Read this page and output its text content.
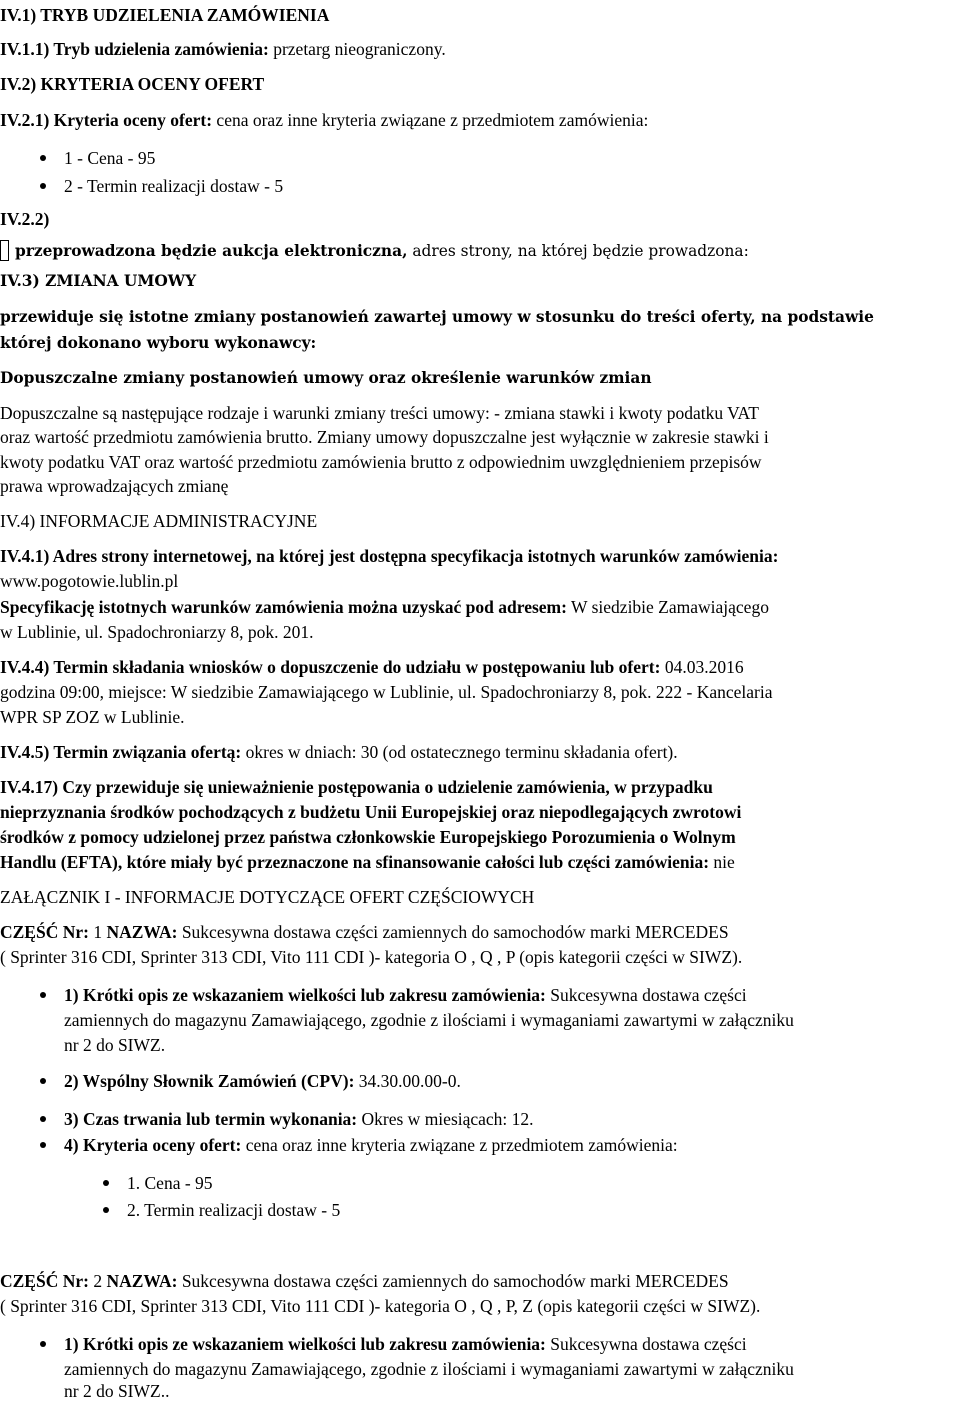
IV.1) TRYB UDZIELENIA ZAMÓWIENIA
IV.1.1) Tryb udzielenia zamówienia: przetarg nieograniczony.
IV.2) KRYTERIA OCENY OFERT
IV.2.1) Kryteria oceny ofert: cena oraz inne kryteria związane z przedmiotem zamówienia:
1 - Cena - 95
2 - Termin realizacji dostaw - 5
IV.2.2)
przeprowadzona będzie aukcja elektroniczna, adres strony, na której będzie prowadzona:
IV.3) ZMIANA UMOWY
przewiduje się istotne zmiany postanowień zawartej umowy w stosunku do treści oferty, na podstawie
której dokonano wyboru wykonawcy:
Dopuszczalne zmiany postanowień umowy oraz określenie warunków zmian
Dopuszczalne są następujące rodzaje i warunki zmiany treści umowy: - zmiana stawki i kwoty podatku VAT
oraz wartość przedmiotu zamówienia brutto. Zmiany umowy dopuszczalne jest wyłącznie w zakresie stawki i
kwoty podatku VAT oraz wartość przedmiotu zamówienia brutto z odpowiednim uwzględnieniem przepisów
prawa wprowadzających zmianę
IV.4) INFORMACJE ADMINISTRACYJNE
IV.4.1) Adres strony internetowej, na której jest dostępna specyfikacja istotnych warunków zamówienia:
www.pogotowie.lublin.pl
Specyfikację istotnych warunków zamówienia można uzyskać pod adresem: W siedzibie Zamawiającego
w Lublinie, ul. Spadochroniarzy 8, pok. 201.
IV.4.4) Termin składania wniosków o dopuszczenie do udziału w postępowaniu lub ofert: 04.03.2016
godzina 09:00, miejsce: W siedzibie Zamawiającego w Lublinie, ul. Spadochroniarzy 8, pok. 222 - Kancelaria
WPR SP ZOZ w Lublinie.
IV.4.5) Termin związania ofertą: okres w dniach: 30 (od ostatecznego terminu składania ofert).
IV.4.17) Czy przewiduje się unieważnienie postępowania o udzielenie zamówienia, w przypadku
nieprzyznania środków pochodzących z budżetu Unii Europejskiej oraz niepodlegających zwrotowi
środków z pomocy udzielonej przez państwa członkowskie Europejskiego Porozumienia o Wolnym
Handlu (EFTA), które miały być przeznaczone na sfinansowanie całości lub części zamówienia: nie
ZAŁĄCZNIK I - INFORMACJE DOTYCZĄCE OFERT CZĘŚCIOWYCH
CZĘŚĆ Nr: 1 NAZWA: Sukcesywna dostawa części zamiennych do samochodów marki MERCEDES
( Sprinter 316 CDI, Sprinter 313 CDI, Vito 111 CDI )- kategoria O , Q , P (opis kategorii części w SIWZ).
1) Krótki opis ze wskazaniem wielkości lub zakresu zamówienia: Sukcesywna dostawa części
zamiennych do magazynu Zamawiającego, zgodnie z ilościami i wymaganiami zawartymi w załączniku
nr 2 do SIWZ.
2) Wspólny Słownik Zamówień (CPV): 34.30.00.00-0.
3) Czas trwania lub termin wykonania: Okres w miesiącach: 12.
4) Kryteria oceny ofert: cena oraz inne kryteria związane z przedmiotem zamówienia:
1. Cena - 95
2. Termin realizacji dostaw - 5
CZĘŚĆ Nr: 2 NAZWA: Sukcesywna dostawa części zamiennych do samochodów marki MERCEDES
( Sprinter 316 CDI, Sprinter 313 CDI, Vito 111 CDI )- kategoria O , Q , P, Z (opis kategorii części w SIWZ).
1) Krótki opis ze wskazaniem wielkości lub zakresu zamówienia: Sukcesywna dostawa części
zamiennych do magazynu Zamawiającego, zgodnie z ilościami i wymaganiami zawartymi w załączniku
nr 2 do SIWZ..
